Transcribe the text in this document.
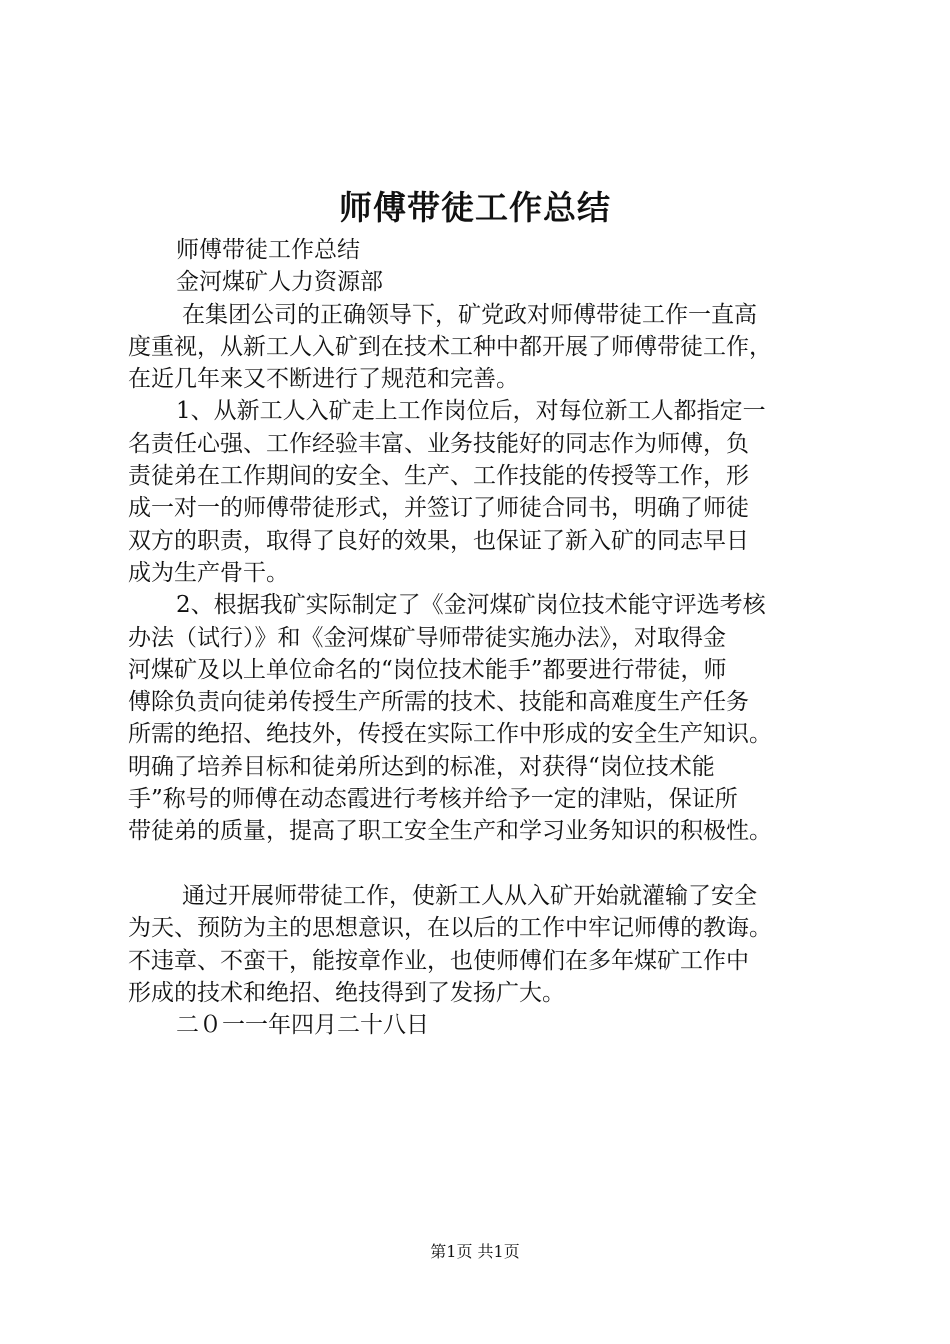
师傅带徒工作总结

师傅带徒工作总结

金河煤矿人力资源部

在集团公司的正确领导下，矿党政对师傅带徒工作一直高

度重视，从新工人入矿到在技术工种中都开展了师傅带徒工作，

在近几年来又不断进行了规范和完善。

1、从新工人入矿走上工作岗位后，对每位新工人都指定一

名责任心强、工作经验丰富、业务技能好的同志作为师傅，负

责徒弟在工作期间的安全、生产、工作技能的传授等工作，形

成一对一的师傅带徒形式，并签订了师徒合同书，明确了师徒

双方的职责，取得了良好的效果，也保证了新入矿的同志早日

成为生产骨干。

2、根据我矿实际制定了《金河煤矿岗位技术能守评选考核

办法（试行）》和《金河煤矿导师带徒实施办法》，对取得金

河煤矿及以上单位命名的“岗位技术能手”都要进行带徒，师

傅除负责向徒弟传授生产所需的技术、技能和高难度生产任务

所需的绝招、绝技外，传授在实际工作中形成的安全生产知识。

明确了培养目标和徒弟所达到的标准，对获得“岗位技术能

手”称号的师傅在动态霞进行考核并给予一定的津贴，保证所

带徒弟的质量，提高了职工安全生产和学习业务知识的积极性。

通过开展师带徒工作，使新工人从入矿开始就灌输了安全

为天、预防为主的思想意识，在以后的工作中牢记师傅的教诲。

不违章、不蛮干，能按章作业，也使师傅们在多年煤矿工作中

形成的技术和绝招、绝技得到了发扬广大。

二０一一年四月二十八日

第1页 共1页
